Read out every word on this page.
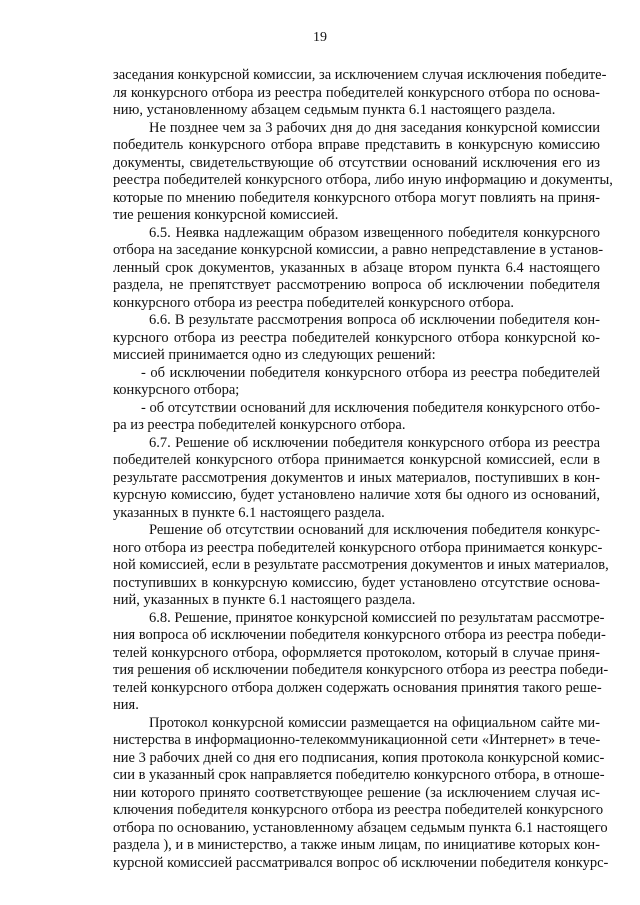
19
заседания конкурсной комиссии, за исключением случая исключения победите-
ля конкурсного отбора из реестра победителей конкурсного отбора по основа-
нию, установленному абзацем седьмым пункта 6.1 настоящего раздела.
Не позднее чем за 3 рабочих дня до дня заседания конкурсной комиссии
победитель конкурсного отбора вправе представить в конкурсную комиссию
документы, свидетельствующие об отсутствии оснований исключения его из
реестра победителей конкурсного отбора, либо иную информацию и документы,
которые по мнению победителя конкурсного отбора могут повлиять на приня-
тие решения конкурсной комиссией.
6.5. Неявка надлежащим образом извещенного победителя конкурсного
отбора на заседание конкурсной комиссии, а равно непредставление в установ-
ленный срок документов, указанных в абзаце втором пункта 6.4 настоящего
раздела, не препятствует рассмотрению вопроса об исключении победителя
конкурсного отбора из реестра победителей конкурсного отбора.
6.6. В результате рассмотрения вопроса об исключении победителя кон-
курсного отбора из реестра победителей конкурсного отбора конкурсной ко-
миссией принимается одно из следующих решений:
- об исключении победителя конкурсного отбора из реестра победителей
конкурсного отбора;
- об отсутствии оснований для исключения победителя конкурсного отбо-
ра из реестра победителей конкурсного отбора.
6.7. Решение об исключении победителя конкурсного отбора из реестра
победителей конкурсного отбора принимается конкурсной комиссией, если в
результате рассмотрения документов и иных материалов, поступивших в кон-
курсную комиссию, будет установлено наличие хотя бы одного из оснований,
указанных в пункте 6.1 настоящего раздела.
Решение об отсутствии оснований для исключения победителя конкурс-
ного отбора из реестра победителей конкурсного отбора принимается конкурс-
ной комиссией, если в результате рассмотрения документов и иных материалов,
поступивших в конкурсную комиссию, будет установлено отсутствие основа-
ний, указанных в пункте 6.1 настоящего раздела.
6.8. Решение, принятое конкурсной комиссией по результатам рассмотре-
ния вопроса об исключении победителя конкурсного отбора из реестра победи-
телей конкурсного отбора, оформляется протоколом, который в случае приня-
тия решения об исключении победителя конкурсного отбора из реестра победи-
телей конкурсного отбора должен содержать основания принятия такого реше-
ния.
Протокол конкурсной комиссии размещается на официальном сайте ми-
нистерства в информационно-телекоммуникационной сети «Интернет» в тече-
ние 3 рабочих дней со дня его подписания, копия протокола конкурсной комис-
сии в указанный срок направляется победителю конкурсного отбора, в отноше-
нии которого принято соответствующее решение (за исключением случая ис-
ключения победителя конкурсного отбора из реестра победителей конкурсного
отбора по основанию, установленному абзацем седьмым пункта 6.1 настоящего
раздела ), и в министерство, а также иным лицам, по инициативе которых кон-
курсной комиссией рассматривался вопрос об исключении победителя конкурс-
